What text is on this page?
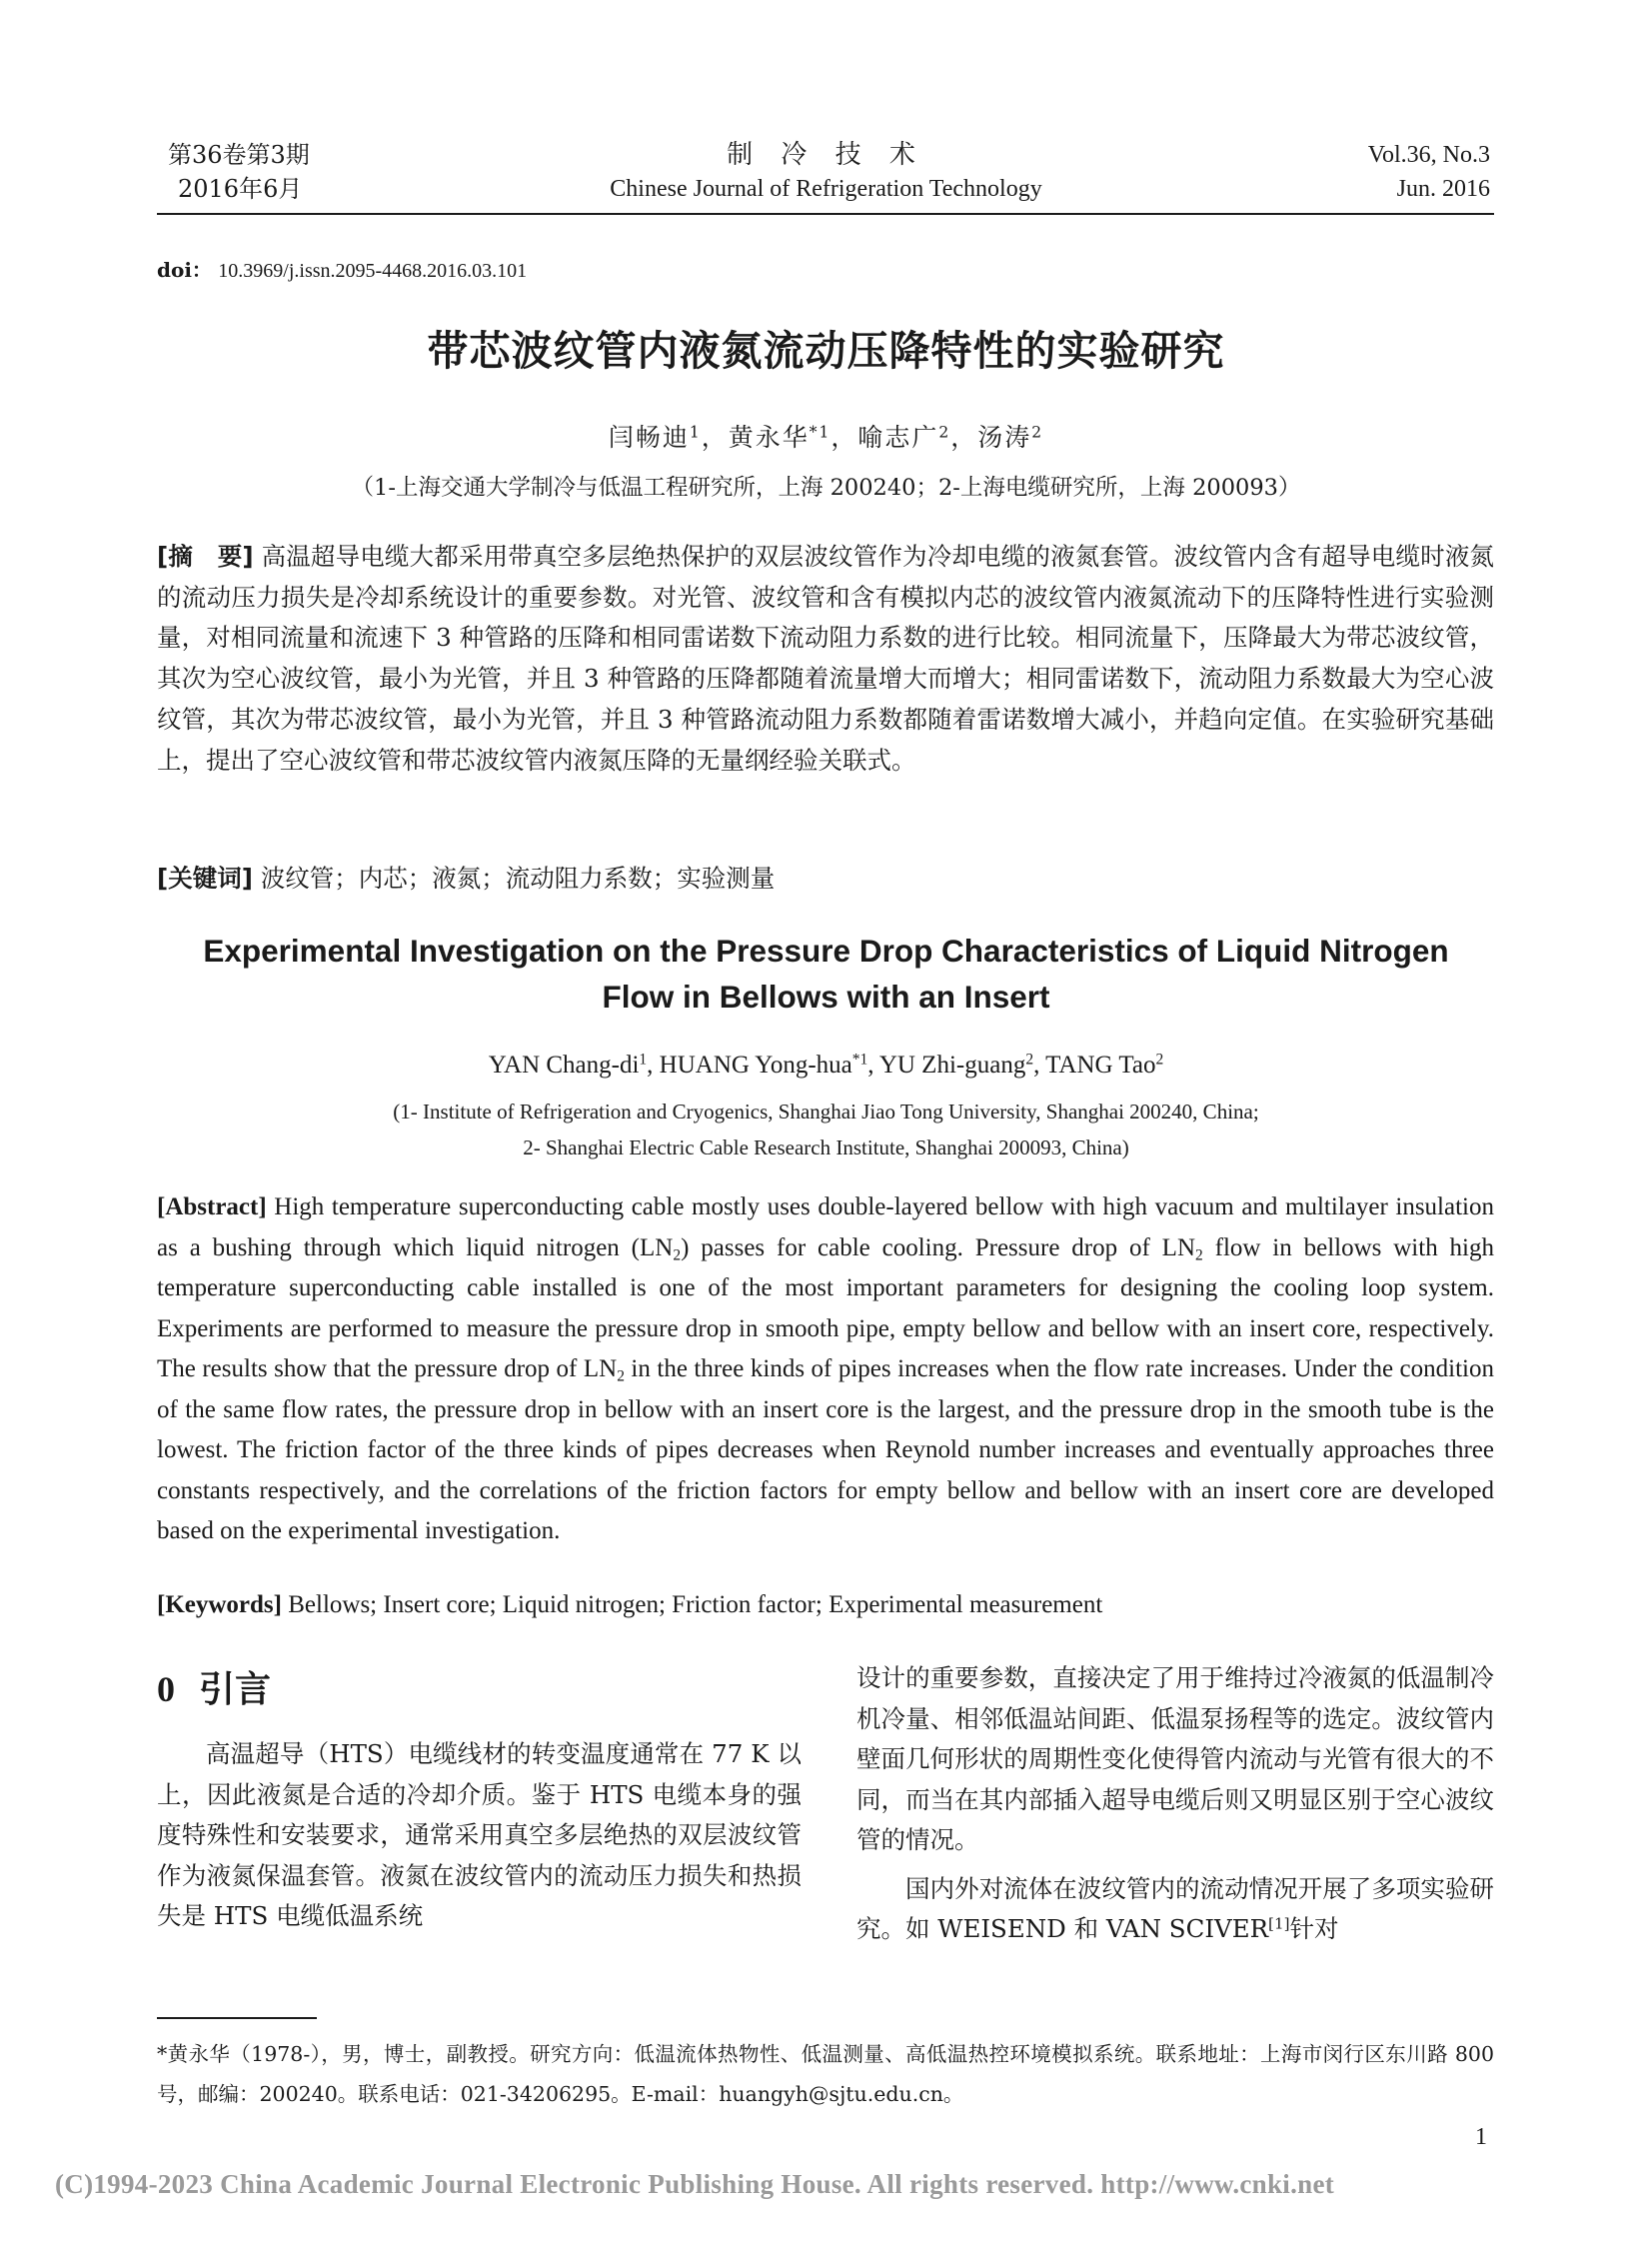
第36卷第3期
2016年6月
制 冷 技 术
Chinese Journal of Refrigeration Technology
Vol.36, No.3
Jun. 2016
doi： 10.3969/j.issn.2095-4468.2016.03.101
带芯波纹管内液氮流动压降特性的实验研究
闫畅迪$^1$，黄永华$^{*1}$，喻志广$^2$，汤涛$^2$
（1-上海交通大学制冷与低温工程研究所，上海 200240；2-上海电缆研究所，上海 200093）
[摘　要] 高温超导电缆大都采用带真空多层绝热保护的双层波纹管作为冷却电缆的液氮套管。波纹管内含有超导电缆时液氮的流动压力损失是冷却系统设计的重要参数。对光管、波纹管和含有模拟内芯的波纹管内液氮流动下的压降特性进行实验测量，对相同流量和流速下 3 种管路的压降和相同雷诺数下流动阻力系数的进行比较。相同流量下，压降最大为带芯波纹管，其次为空心波纹管，最小为光管，并且 3 种管路的压降都随着流量增大而增大；相同雷诺数下，流动阻力系数最大为空心波纹管，其次为带芯波纹管，最小为光管，并且 3 种管路流动阻力系数都随着雷诺数增大减小，并趋向定值。在实验研究基础上，提出了空心波纹管和带芯波纹管内液氮压降的无量纲经验关联式。
[关键词] 波纹管；内芯；液氮；流动阻力系数；实验测量
Experimental Investigation on the Pressure Drop Characteristics of Liquid Nitrogen
Flow in Bellows with an Insert
YAN Chang-$di^1$, HUANG Yong-hua$^{*1}$, YU Zhi-guang$^2$, TANG Tao$^2$
(1- Institute of Refrigeration and Cryogenics, Shanghai Jiao Tong University, Shanghai 200240, China;
2- Shanghai Electric Cable Research Institute, Shanghai 200093, China)
[Abstract] High temperature superconducting cable mostly uses double-layered bellow with high vacuum and multilayer insulation as a bushing through which liquid nitrogen $(LN_2)$ passes for cable cooling. Pressure drop of $LN_2$ flow in bellows with high temperature superconducting cable installed is one of the most important parameters for designing the cooling loop system. Experiments are performed to measure the pressure drop in smooth pipe, empty bellow and bellow with an insert core, respectively. The results show that the pressure drop of $LN_2$ in the three kinds of pipes increases when the flow rate increases. Under the condition of the same flow rates, the pressure drop in bellow with an insert core is the largest, and the pressure drop in the smooth tube is the lowest. The friction factor of the three kinds of pipes decreases when Reynold number increases and eventually approaches three constants respectively, and the correlations of the friction factors for empty bellow and bellow with an insert core are developed based on the experimental investigation.
[Keywords] Bellows; Insert core; Liquid nitrogen; Friction factor; Experimental measurement
0 引言

高温超导（HTS）电缆线材的转变温度通常在 77 K 以上，因此液氮是合适的冷却介质。鉴于 HTS 电缆本身的强度特殊性和安装要求，通常采用真空多层绝热的双层波纹管作为液氮保温套管。液氮在波纹管内的流动压力损失和热损失是 HTS 电缆低温系统

设计的重要参数，直接决定了用于维持过冷液氮的低温制冷机冷量、相邻低温站间距、低温泵扬程等的选定。波纹管内壁面几何形状的周期性变化使得管内流动与光管有很大的不同，而当在其内部插入超导电缆后则又明显区别于空心波纹管的情况。

国内外对流体在波纹管内的流动情况开展了多项实验研究。如 WEISEND 和 VAN SCIVER[1]针对

*黄永华（1978-），男，博士，副教授。研究方向：低温流体热物性、低温测量、高低温热控环境模拟系统。联系地址：上海市闵行区东川路 800 号，邮编：200240。联系电话：021-34206295。E-mail：huangyh@sjtu.edu.cn。
1
(C)1994-2023 China Academic Journal Electronic Publishing House. All rights reserved. http://www.cnki.net
